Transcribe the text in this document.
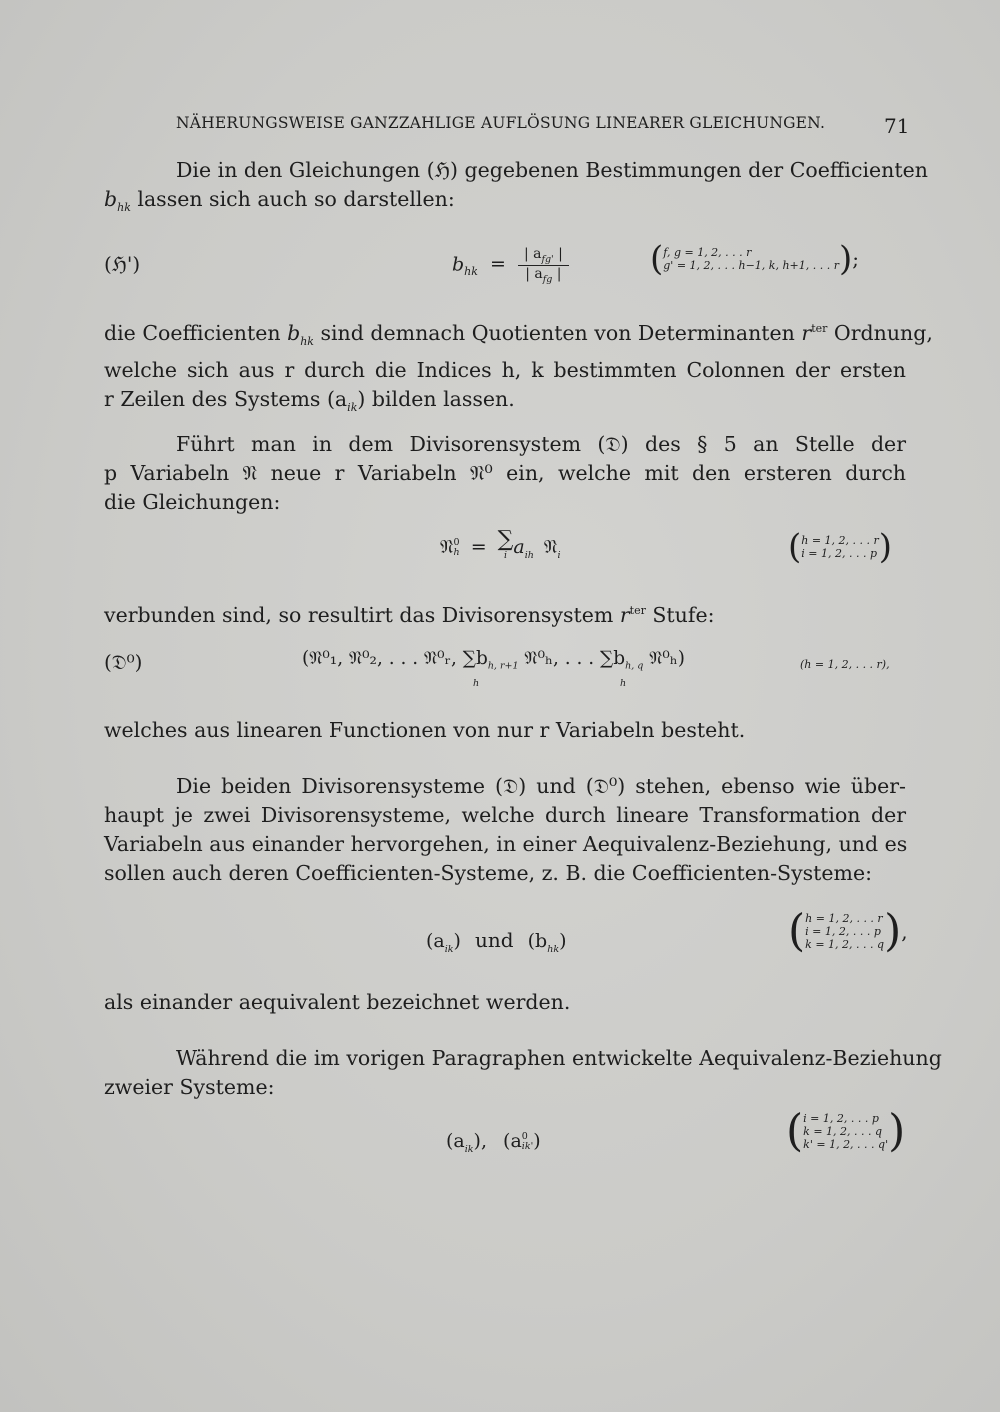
NÄHERUNGSWEISE GANZZAHLIGE AUFLÖSUNG LINEARER GLEICHUNGEN.	71
Die in den Gleichungen (ℌ) gegebenen Bestimmungen der Coefficienten
$b_{hk}$ lassen sich auch so darstellen:
(ℌ')	$b_{hk} = \frac{| a_{fg'} |}{| a_{fg} |}$ ( f, g = 1, 2, . . . r
g' = 1, 2, . . . h−1, k, h+1, . . . r );
die Coefficienten $b_{hk}$ sind demnach Quotienten von Determinanten $r^{ter}$ Ordnung,
welche sich aus r durch die Indices h, k bestimmten Colonnen der ersten
r Zeilen des Systems $(a_{ik})$ bilden lassen.
Führt man in dem Divisorensystem (𝔇) des § 5 an Stelle der
p Variabeln 𝔑 neue r Variabeln 𝔑⁰ ein, welche mit den ersteren durch
die Gleichungen:
𝔑 0
h = ∑
i $a_{ih}$ 𝔑$_i$	( h = 1, 2, . . . r
i = 1, 2, . . . p )
verbunden sind, so resultirt das Divisorensystem $r^{ter}$ Stufe:
(𝔇⁰)	(𝔑⁰₁, 𝔑⁰₂, . . . 𝔑⁰ᵣ, $\sum b_{h, r+1}$ 𝔑⁰ₕ, . . . $\sum b_{h, q}$ 𝔑⁰ₕ)
h	h
(h = 1, 2, . . . r),
welches aus linearen Functionen von nur r Variabeln besteht.
Die beiden Divisorensysteme (𝔇) und (𝔇⁰) stehen, ebenso wie über-
haupt je zwei Divisorensysteme, welche durch lineare Transformation der
Variabeln aus einander hervorgehen, in einer Aequivalenz-Beziehung, und es
sollen auch deren Coefficienten-Systeme, z. B. die Coefficienten-Systeme:
$(a_{ik})$ und $(b_{hk})$	( h = 1, 2, . . . r
i = 1, 2, . . . p
k = 1, 2, . . . q ),
als einander aequivalent bezeichnet werden.
Während die im vorigen Paragraphen entwickelte Aequivalenz-Beziehung
zweier Systeme:
$(a_{ik})$, (a 0
ik' )	( i = 1, 2, . . . p
k = 1, 2, . . . q
k' = 1, 2, . . . q' )
